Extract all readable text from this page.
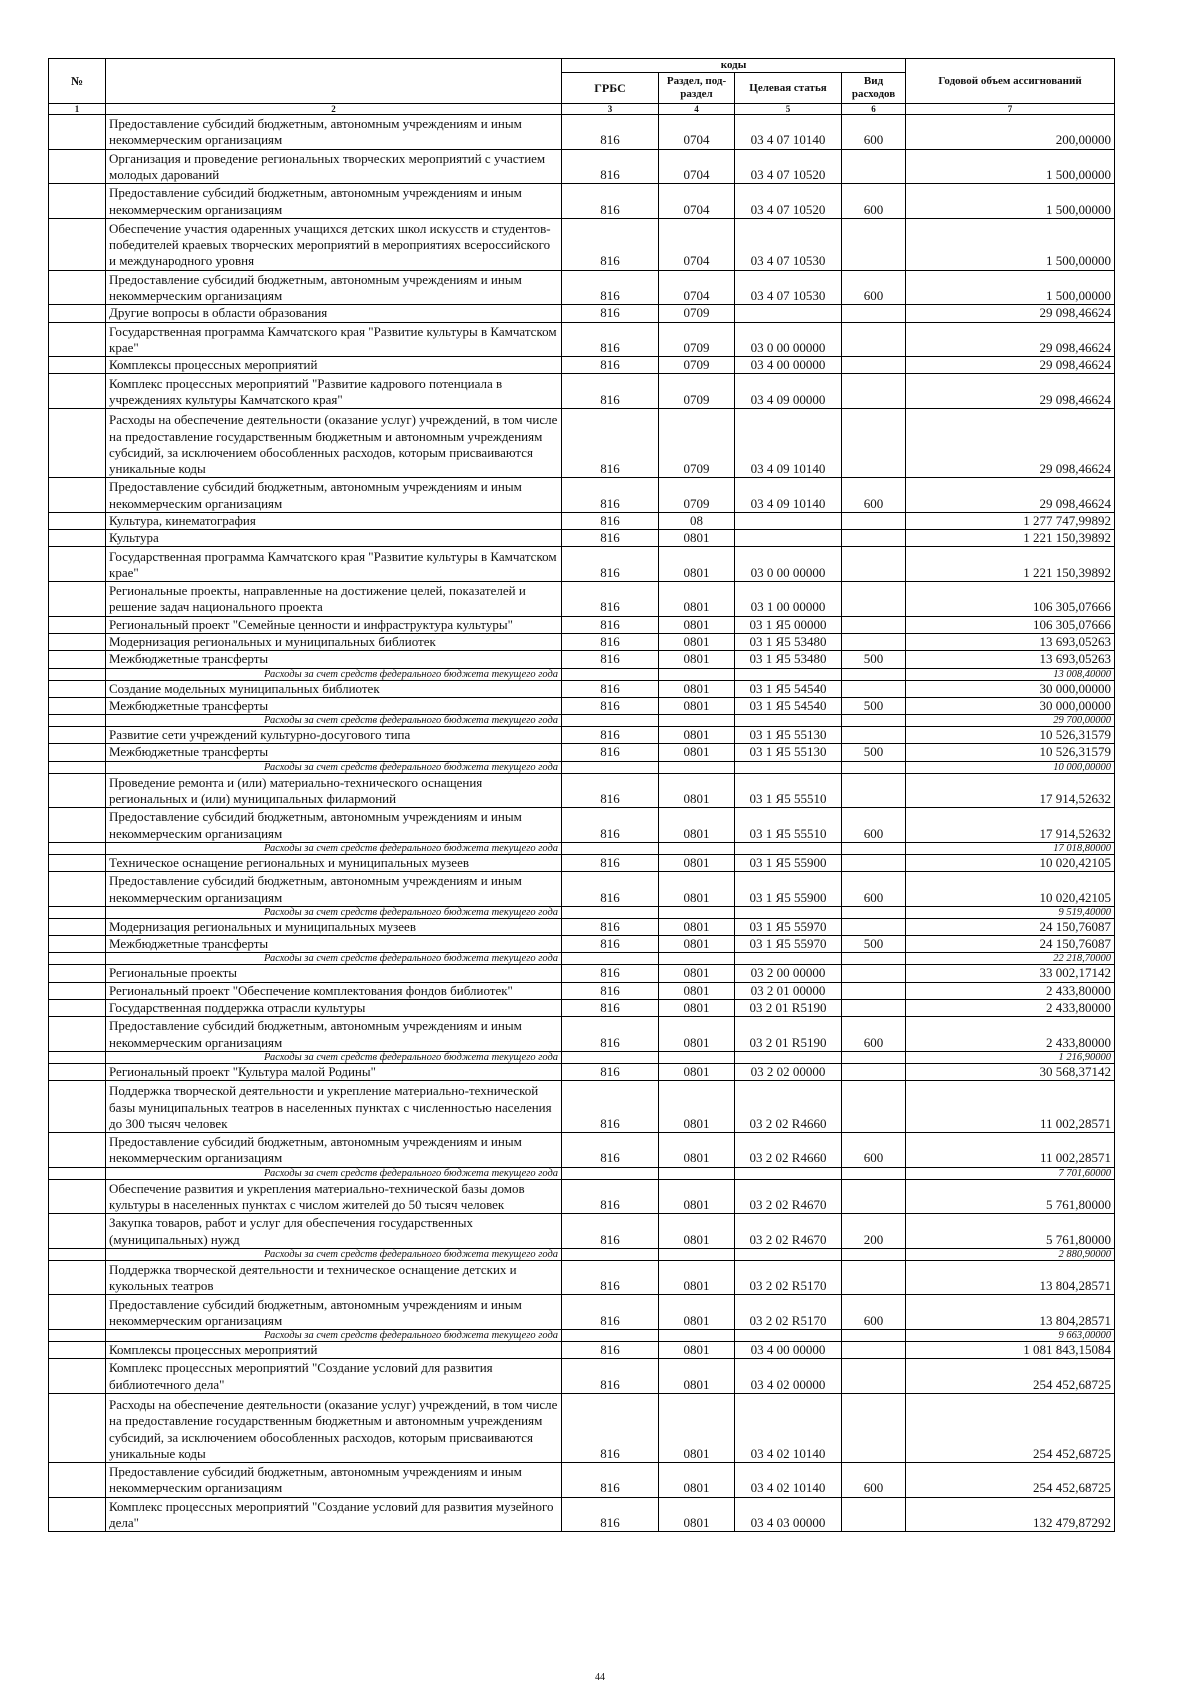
№		коды				Годовой объем ассигнований
		ГРБС	Раздел, под-раздел	Целевая статья	Вид расходов	
1	2	3	4	5	6	7
	Предоставление субсидий бюджетным, автономным учреждениям и иным некоммерческим организациям	816	0704	03 4 07 10140	600	200,00000
	Организация и проведение региональных творческих мероприятий с участием молодых дарований	816	0704	03 4 07 10520		1 500,00000
	Предоставление субсидий бюджетным, автономным учреждениям и иным некоммерческим организациям	816	0704	03 4 07 10520	600	1 500,00000
	Обеспечение участия одаренных учащихся детских школ искусств и студентов-победителей краевых творческих мероприятий в мероприятиях всероссийского и международного уровня	816	0704	03 4 07 10530		1 500,00000
	Предоставление субсидий бюджетным, автономным учреждениям и иным некоммерческим организациям	816	0704	03 4 07 10530	600	1 500,00000
	Другие вопросы в области образования	816	0709			29 098,46624
	Государственная программа Камчатского края "Развитие культуры в Камчатском крае"	816	0709	03 0 00 00000		29 098,46624
	Комплексы процессных мероприятий	816	0709	03 4 00 00000		29 098,46624
	Комплекс процессных мероприятий "Развитие кадрового потенциала в учреждениях культуры Камчатского края"	816	0709	03 4 09 00000		29 098,46624
	Расходы на обеспечение деятельности (оказание услуг) учреждений, в том числе на предоставление государственным бюджетным и автономным учреждениям субсидий, за исключением обособленных расходов, которым присваиваются уникальные коды	816	0709	03 4 09 10140		29 098,46624
	Предоставление субсидий бюджетным, автономным учреждениям и иным некоммерческим организациям	816	0709	03 4 09 10140	600	29 098,46624
	Культура, кинематография	816	08			1 277 747,99892
	Культура	816	0801			1 221 150,39892
	Государственная программа Камчатского края "Развитие культуры в Камчатском крае"	816	0801	03 0 00 00000		1 221 150,39892
	Региональные проекты, направленные на достижение целей, показателей и решение задач национального проекта	816	0801	03 1 00 00000		106 305,07666
	Региональный проект "Семейные ценности и инфраструктура культуры"	816	0801	03 1 Я5 00000		106 305,07666
	Модернизация региональных и муниципальных библиотек	816	0801	03 1 Я5 53480		13 693,05263
	Межбюджетные трансферты	816	0801	03 1 Я5 53480	500	13 693,05263
	Расходы за счет средств федерального бюджета текущего года					13 008,40000
	Создание модельных муниципальных библиотек	816	0801	03 1 Я5 54540		30 000,00000
	Межбюджетные трансферты	816	0801	03 1 Я5 54540	500	30 000,00000
	Расходы за счет средств федерального бюджета текущего года					29 700,00000
	Развитие сети учреждений культурно-досугового типа	816	0801	03 1 Я5 55130		10 526,31579
	Межбюджетные трансферты	816	0801	03 1 Я5 55130	500	10 526,31579
	Расходы за счет средств федерального бюджета текущего года					10 000,00000
	Проведение ремонта и (или) материально-технического оснащения региональных и (или) муниципальных филармоний	816	0801	03 1 Я5 55510		17 914,52632
	Предоставление субсидий бюджетным, автономным учреждениям и иным некоммерческим организациям	816	0801	03 1 Я5 55510	600	17 914,52632
	Расходы за счет средств федерального бюджета текущего года					17 018,80000
	Техническое оснащение региональных и муниципальных музеев	816	0801	03 1 Я5 55900		10 020,42105
	Предоставление субсидий бюджетным, автономным учреждениям и иным некоммерческим организациям	816	0801	03 1 Я5 55900	600	10 020,42105
	Расходы за счет средств федерального бюджета текущего года					9 519,40000
	Модернизация региональных и муниципальных музеев	816	0801	03 1 Я5 55970		24 150,76087
	Межбюджетные трансферты	816	0801	03 1 Я5 55970	500	24 150,76087
	Расходы за счет средств федерального бюджета текущего года					22 218,70000
	Региональные проекты	816	0801	03 2 00 00000		33 002,17142
	Региональный проект "Обеспечение комплектования фондов библиотек"	816	0801	03 2 01 00000		2 433,80000
	Государственная поддержка отрасли культуры	816	0801	03 2 01 R5190		2 433,80000
	Предоставление субсидий бюджетным, автономным учреждениям и иным некоммерческим организациям	816	0801	03 2 01 R5190	600	2 433,80000
	Расходы за счет средств федерального бюджета текущего года					1 216,90000
	Региональный проект "Культура малой Родины"	816	0801	03 2 02 00000		30 568,37142
	Поддержка творческой деятельности и укрепление материально-технической базы муниципальных театров в населенных пунктах с численностью населения до 300 тысяч человек	816	0801	03 2 02 R4660		11 002,28571
	Предоставление субсидий бюджетным, автономным учреждениям и иным некоммерческим организациям	816	0801	03 2 02 R4660	600	11 002,28571
	Расходы за счет средств федерального бюджета текущего года					7 701,60000
	Обеспечение развития и укрепления материально-технической базы домов культуры в населенных пунктах с числом жителей до 50 тысяч человек	816	0801	03 2 02 R4670		5 761,80000
	Закупка товаров, работ и услуг для обеспечения государственных (муниципальных) нужд	816	0801	03 2 02 R4670	200	5 761,80000
	Расходы за счет средств федерального бюджета текущего года					2 880,90000
	Поддержка творческой деятельности и техническое оснащение детских и кукольных театров	816	0801	03 2 02 R5170		13 804,28571
	Предоставление субсидий бюджетным, автономным учреждениям и иным некоммерческим организациям	816	0801	03 2 02 R5170	600	13 804,28571
	Расходы за счет средств федерального бюджета текущего года					9 663,00000
	Комплексы процессных мероприятий	816	0801	03 4 00 00000		1 081 843,15084
	Комплекс процессных мероприятий "Создание условий для развития библиотечного дела"	816	0801	03 4 02 00000		254 452,68725
	Расходы на обеспечение деятельности (оказание услуг) учреждений, в том числе на предоставление государственным бюджетным и автономным учреждениям субсидий, за исключением обособленных расходов, которым присваиваются уникальные коды	816	0801	03 4 02 10140		254 452,68725
	Предоставление субсидий бюджетным, автономным учреждениям и иным некоммерческим организациям	816	0801	03 4 02 10140	600	254 452,68725
	Комплекс процессных мероприятий "Создание условий для развития музейного дела"	816	0801	03 4 03 00000		132 479,87292
44
